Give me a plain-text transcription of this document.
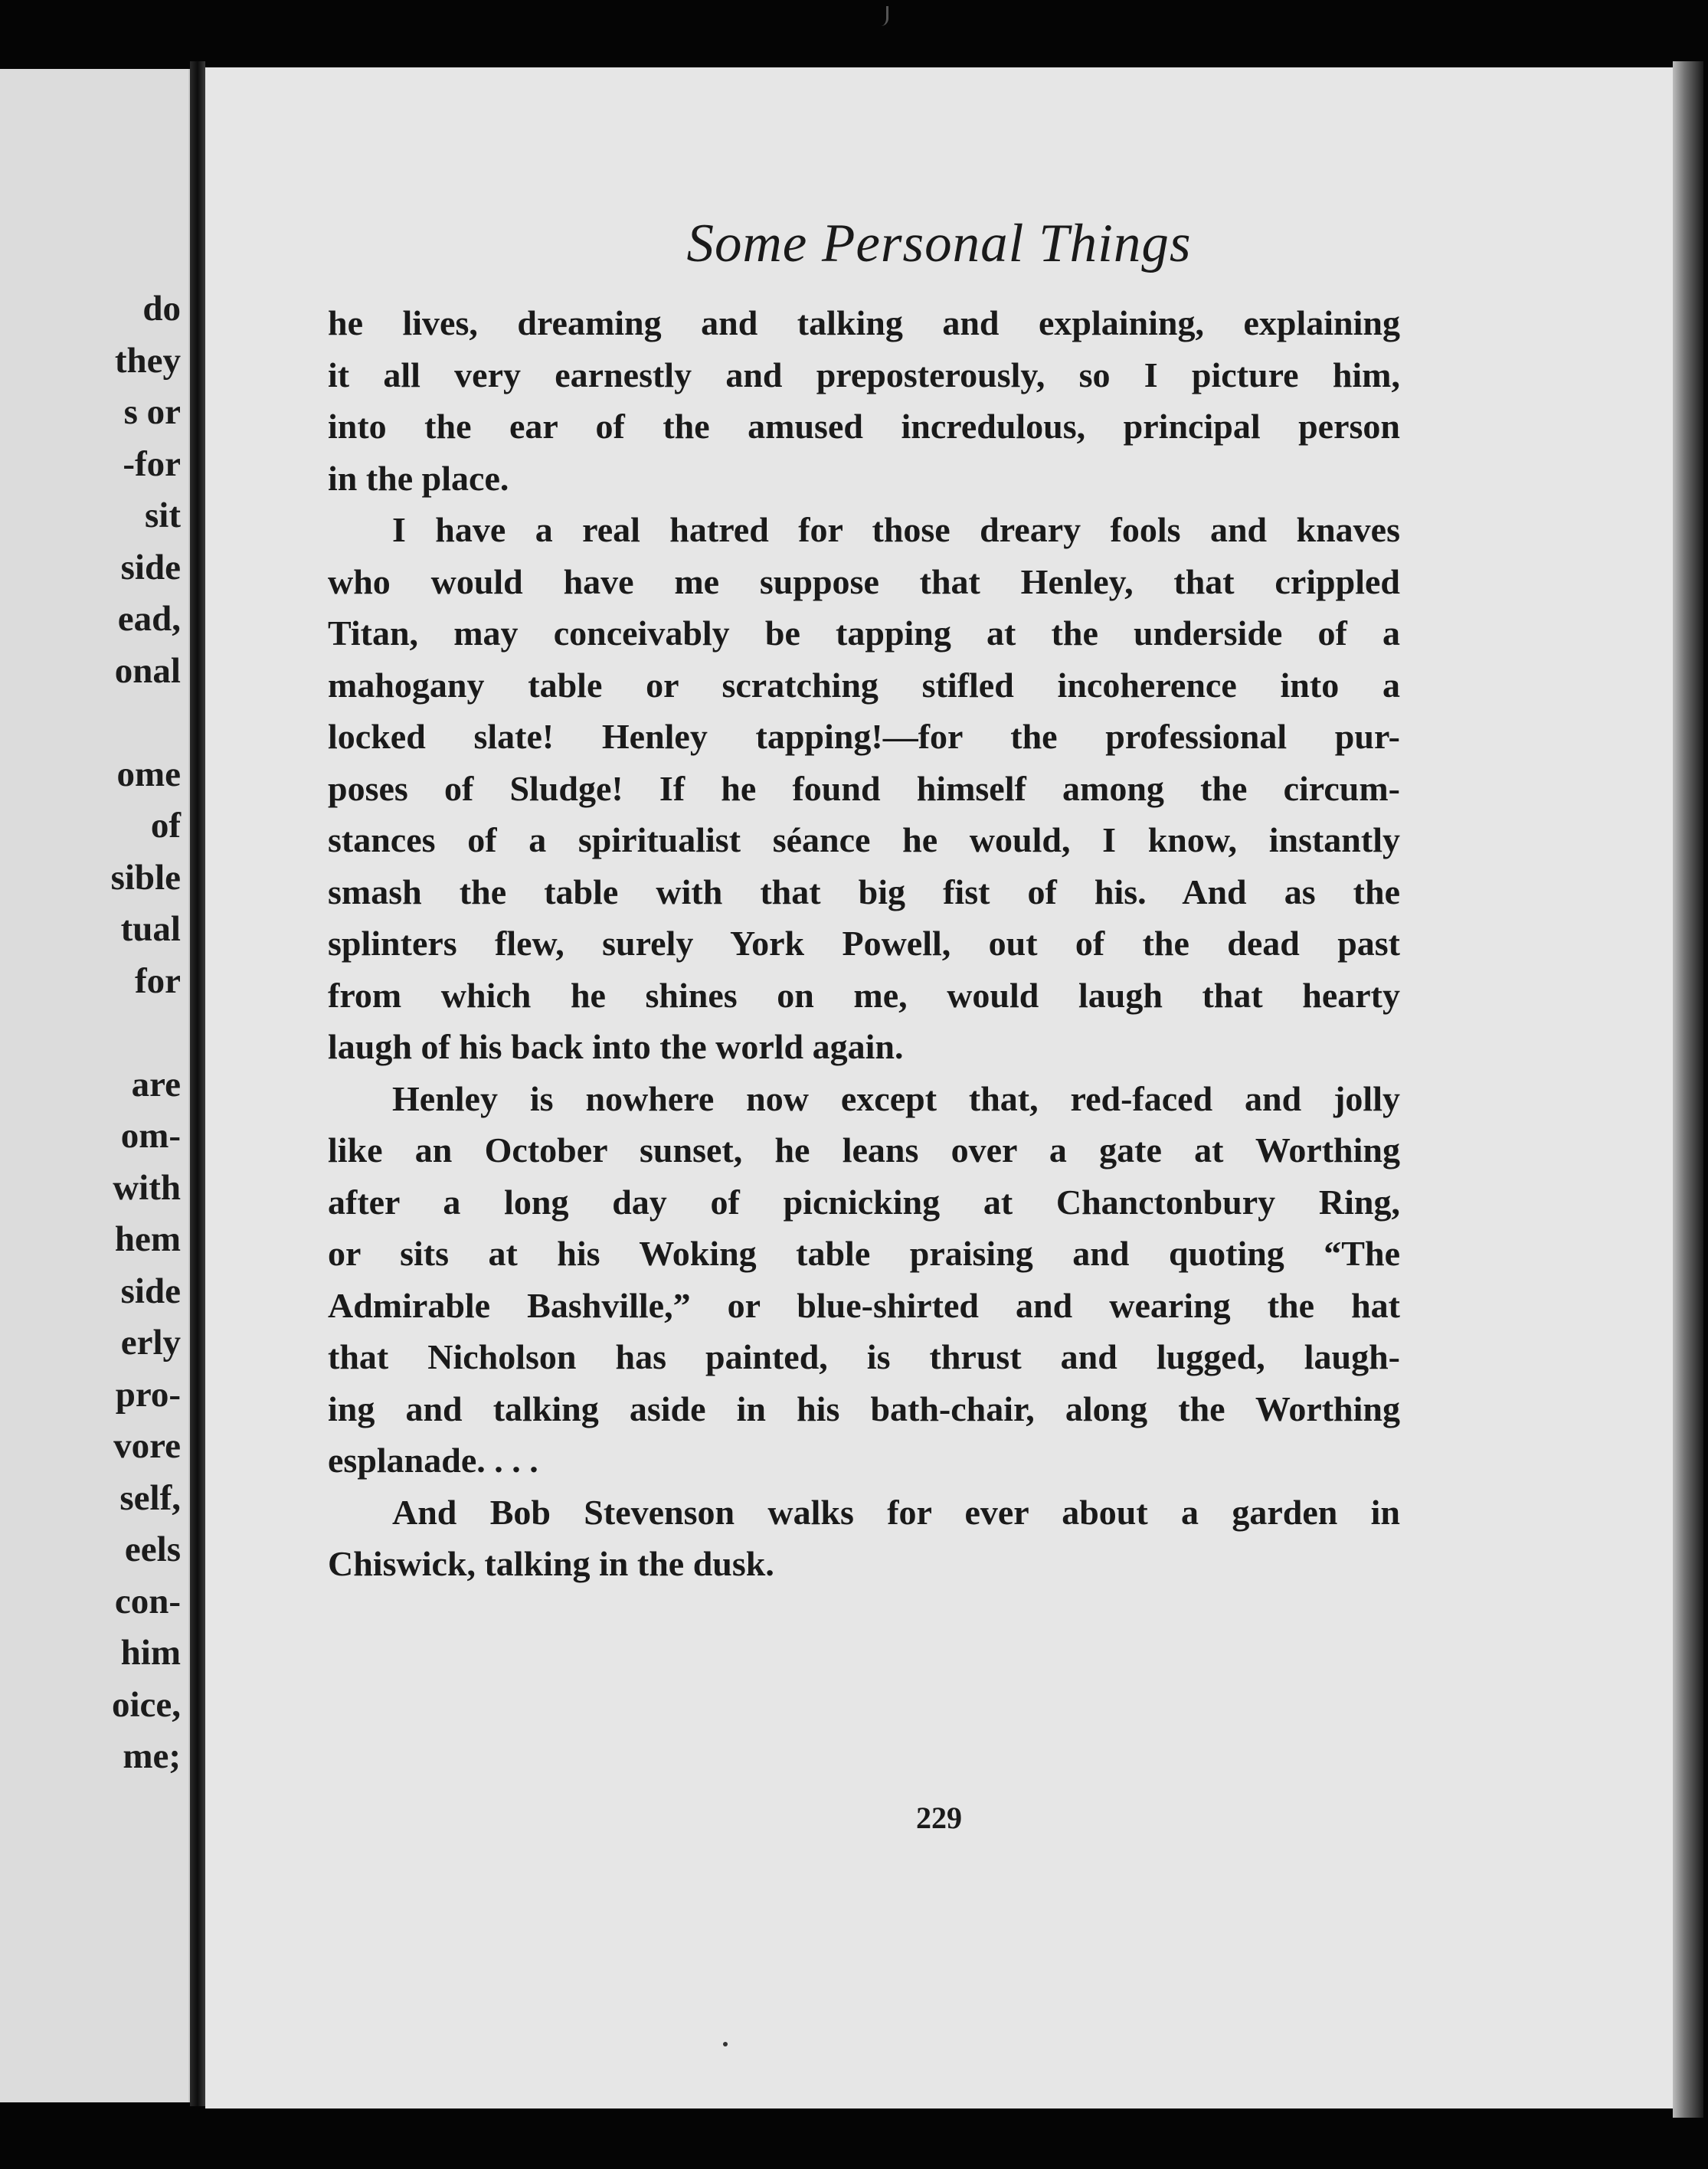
do
they
s or
-for
sit
side
ead,
onal
ome
of
sible
tual
for
are
om-
with
hem
side
erly
pro-
vore
self,
eels
con-
him
oice,
me;
Some Personal Things
he lives, dreaming and talking and explaining, explaining
it all very earnestly and preposterously, so I picture him,
into the ear of the amused incredulous, principal person
in the place.
I have a real hatred for those dreary fools and knaves
who would have me suppose that Henley, that crippled
Titan, may conceivably be tapping at the underside of a
mahogany table or scratching stifled incoherence into a
locked slate! Henley tapping!—for the professional pur-
poses of Sludge! If he found himself among the circum-
stances of a spiritualist séance he would, I know, instantly
smash the table with that big fist of his. And as the
splinters flew, surely York Powell, out of the dead past
from which he shines on me, would laugh that hearty
laugh of his back into the world again.
Henley is nowhere now except that, red-faced and jolly
like an October sunset, he leans over a gate at Worthing
after a long day of picnicking at Chanctonbury Ring,
or sits at his Woking table praising and quoting “The
Admirable Bashville,” or blue-shirted and wearing the hat
that Nicholson has painted, is thrust and lugged, laugh-
ing and talking aside in his bath-chair, along the Worthing
esplanade. . . .
And Bob Stevenson walks for ever about a garden in
Chiswick, talking in the dusk.
229
